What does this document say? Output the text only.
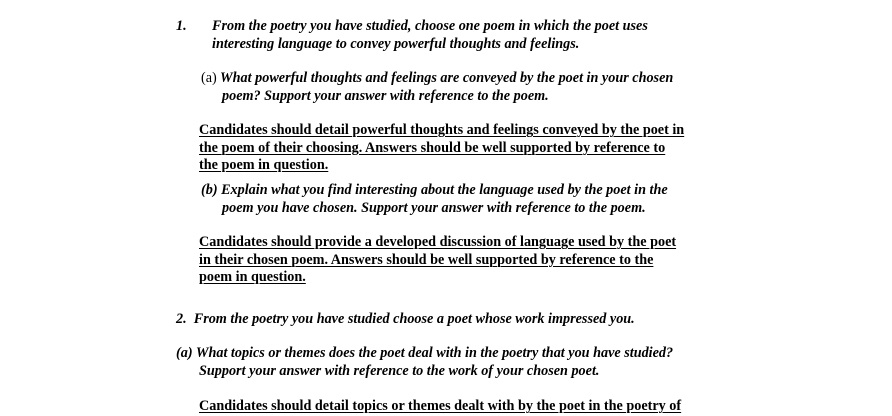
1. From the poetry you have studied, choose one poem in which the poet uses
interesting language to convey powerful thoughts and feelings.
(a) What powerful thoughts and feelings are conveyed by the poet in your chosen
poem? Support your answer with reference to the poem.
Candidates should detail powerful thoughts and feelings conveyed by the poet in
the poem of their choosing. Answers should be well supported by reference to
the poem in question.
(b) Explain what you find interesting about the language used by the poet in the
poem you have chosen. Support your answer with reference to the poem.
Candidates should provide a developed discussion of language used by the poet
in their chosen poem. Answers should be well supported by reference to the
poem in question.
2. From the poetry you have studied choose a poet whose work impressed you.
(a) What topics or themes does the poet deal with in the poetry that you have studied?
Support your answer with reference to the work of your chosen poet.
Candidates should detail topics or themes dealt with by the poet in the poetry of
